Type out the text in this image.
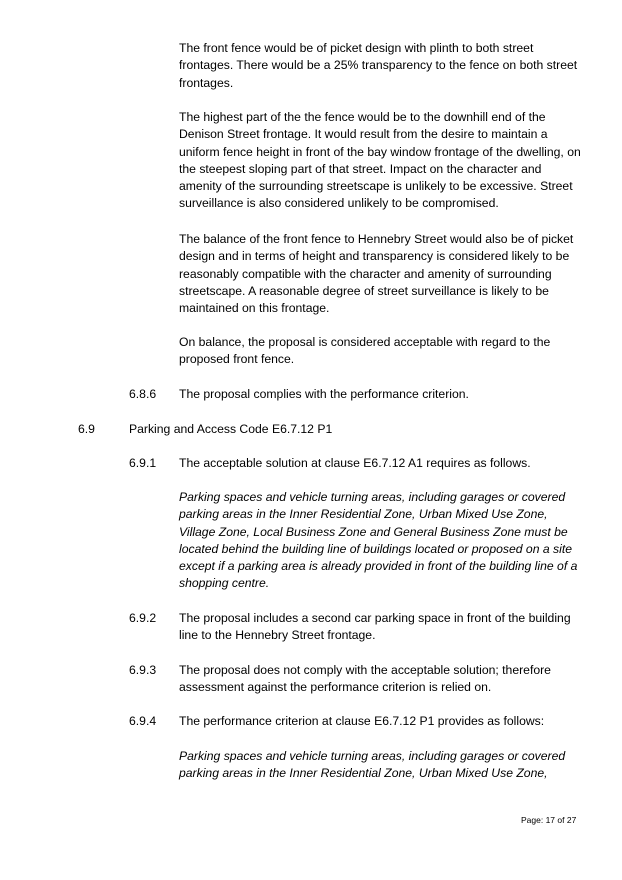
The front fence would be of picket design with plinth to both street frontages. There would be a 25% transparency to the fence on both street frontages.

The highest part of the the fence would be to the downhill end of the Denison Street frontage. It would result from the desire to maintain a uniform fence height in front of the bay window frontage of the dwelling, on the steepest sloping part of that street. Impact on the character and amenity of the surrounding streetscape is unlikely to be excessive. Street surveillance is also considered unlikely to be compromised.

The balance of the front fence to Hennebry Street would also be of picket design and in terms of height and transparency is considered likely to be reasonably compatible with the character and amenity of surrounding streetscape. A reasonable degree of street surveillance is likely to be maintained on this frontage.

On balance, the proposal is considered acceptable with regard to the proposed front fence.

6.8.6 The proposal complies with the performance criterion.

6.9	Parking and Access Code E6.7.12 P1

6.9.1 The acceptable solution at clause E6.7.12 A1 requires as follows.

Parking spaces and vehicle turning areas, including garages or covered parking areas in the Inner Residential Zone, Urban Mixed Use Zone, Village Zone, Local Business Zone and General Business Zone must be located behind the building line of buildings located or proposed on a site except if a parking area is already provided in front of the building line of a shopping centre.

6.9.2 The proposal includes a second car parking space in front of the building line to the Hennebry Street frontage.

6.9.3 The proposal does not comply with the acceptable solution; therefore assessment against the performance criterion is relied on.

6.9.4 The performance criterion at clause E6.7.12 P1 provides as follows:

Parking spaces and vehicle turning areas, including garages or covered parking areas in the Inner Residential Zone, Urban Mixed Use Zone,

Page: 17 of 27
